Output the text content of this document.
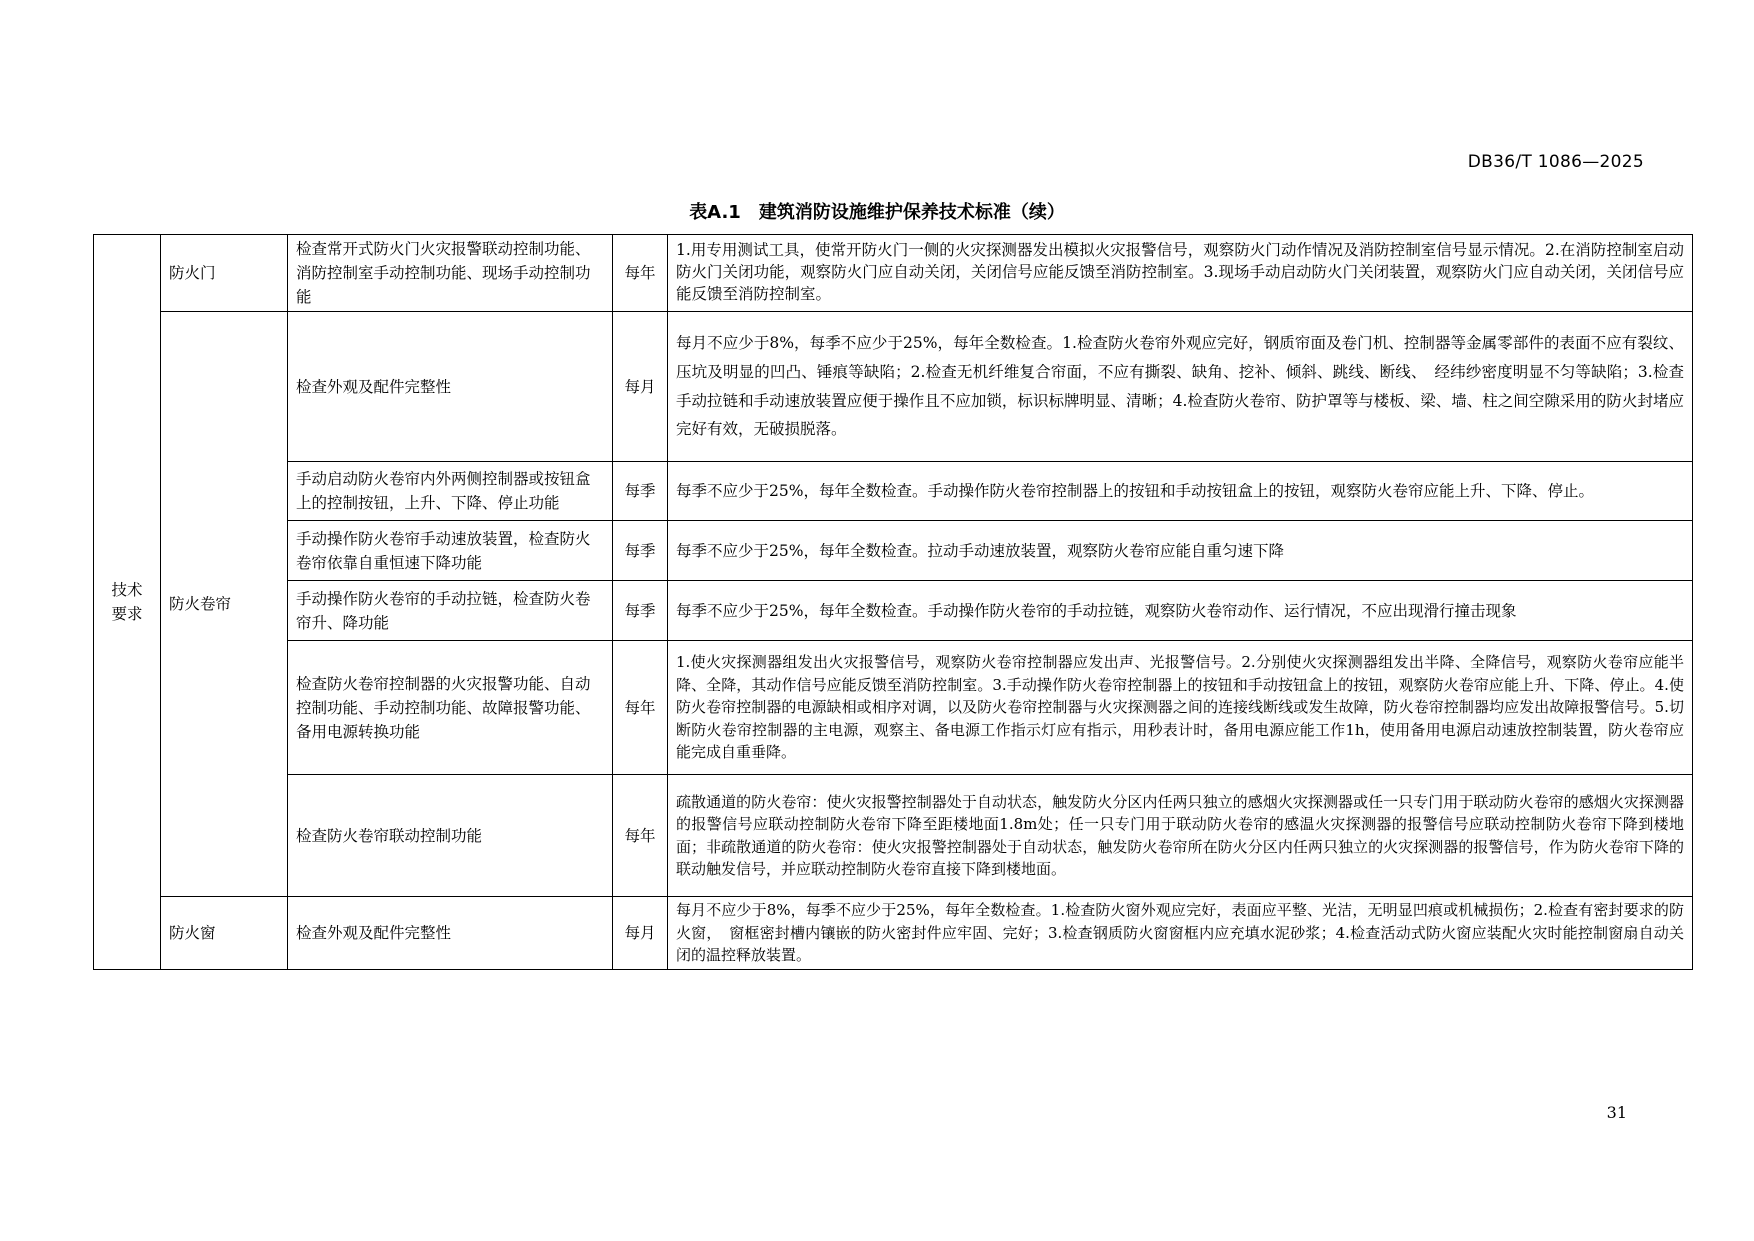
DB36/T 1086—2025
表A.1　建筑消防设施维护保养技术标准（续）
技术
要求	防火门	检查常开式防火门火灾报警联动控制功能、消防控制室手动控制功能、现场手动控制功能	每年	1.用专用测试工具，使常开防火门一侧的火灾探测器发出模拟火灾报警信号，观察防火门动作情况及消防控制室信号显示情况。2.在消防控制室启动防火门关闭功能，观察防火门应自动关闭，关闭信号应能反馈至消防控制室。3.现场手动启动防火门关闭装置，观察防火门应自动关闭，关闭信号应能反馈至消防控制室。
	防火卷帘	检查外观及配件完整性	每月	每月不应少于8%，每季不应少于25%，每年全数检查。1.检查防火卷帘外观应完好，钢质帘面及卷门机、控制器等金属零部件的表面不应有裂纹、压坑及明显的凹凸、锤痕等缺陷；2.检查无机纤维复合帘面，不应有撕裂、缺角、挖补、倾斜、跳线、断线、　经纬纱密度明显不匀等缺陷；3.检查手动拉链和手动速放装置应便于操作且不应加锁，标识标牌明显、清晰；4.检查防火卷帘、防护罩等与楼板、梁、墙、柱之间空隙采用的防火封堵应完好有效，无破损脱落。
		手动启动防火卷帘内外两侧控制器或按钮盒上的控制按钮，上升、下降、停止功能	每季	每季不应少于25%，每年全数检查。手动操作防火卷帘控制器上的按钮和手动按钮盒上的按钮，观察防火卷帘应能上升、下降、停止。
		手动操作防火卷帘手动速放装置，检查防火卷帘依靠自重恒速下降功能	每季	每季不应少于25%，每年全数检查。拉动手动速放装置，观察防火卷帘应能自重匀速下降
		手动操作防火卷帘的手动拉链，检查防火卷帘升、降功能	每季	每季不应少于25%，每年全数检查。手动操作防火卷帘的手动拉链，观察防火卷帘动作、运行情况，不应出现滑行撞击现象
		检查防火卷帘控制器的火灾报警功能、自动控制功能、手动控制功能、故障报警功能、备用电源转换功能	每年	1.使火灾探测器组发出火灾报警信号，观察防火卷帘控制器应发出声、光报警信号。2.分别使火灾探测器组发出半降、全降信号，观察防火卷帘应能半降、全降，其动作信号应能反馈至消防控制室。3.手动操作防火卷帘控制器上的按钮和手动按钮盒上的按钮，观察防火卷帘应能上升、下降、停止。4.使防火卷帘控制器的电源缺相或相序对调，以及防火卷帘控制器与火灾探测器之间的连接线断线或发生故障，防火卷帘控制器均应发出故障报警信号。5.切断防火卷帘控制器的主电源，观察主、备电源工作指示灯应有指示，用秒表计时，备用电源应能工作1h，使用备用电源启动速放控制装置，防火卷帘应能完成自重垂降。
		检查防火卷帘联动控制功能	每年	疏散通道的防火卷帘：使火灾报警控制器处于自动状态，触发防火分区内任两只独立的感烟火灾探测器或任一只专门用于联动防火卷帘的感烟火灾探测器的报警信号应联动控制防火卷帘下降至距楼地面1.8m处；任一只专门用于联动防火卷帘的感温火灾探测器的报警信号应联动控制防火卷帘下降到楼地面；非疏散通道的防火卷帘：使火灾报警控制器处于自动状态，触发防火卷帘所在防火分区内任两只独立的火灾探测器的报警信号，作为防火卷帘下降的联动触发信号，并应联动控制防火卷帘直接下降到楼地面。
	防火窗	检查外观及配件完整性	每月	每月不应少于8%，每季不应少于25%，每年全数检查。1.检查防火窗外观应完好，表面应平整、光洁，无明显凹痕或机械损伤；2.检查有密封要求的防火窗，　窗框密封槽内镶嵌的防火密封件应牢固、完好；3.检查钢质防火窗窗框内应充填水泥砂浆；4.检查活动式防火窗应装配火灾时能控制窗扇自动关闭的温控释放装置。
31
